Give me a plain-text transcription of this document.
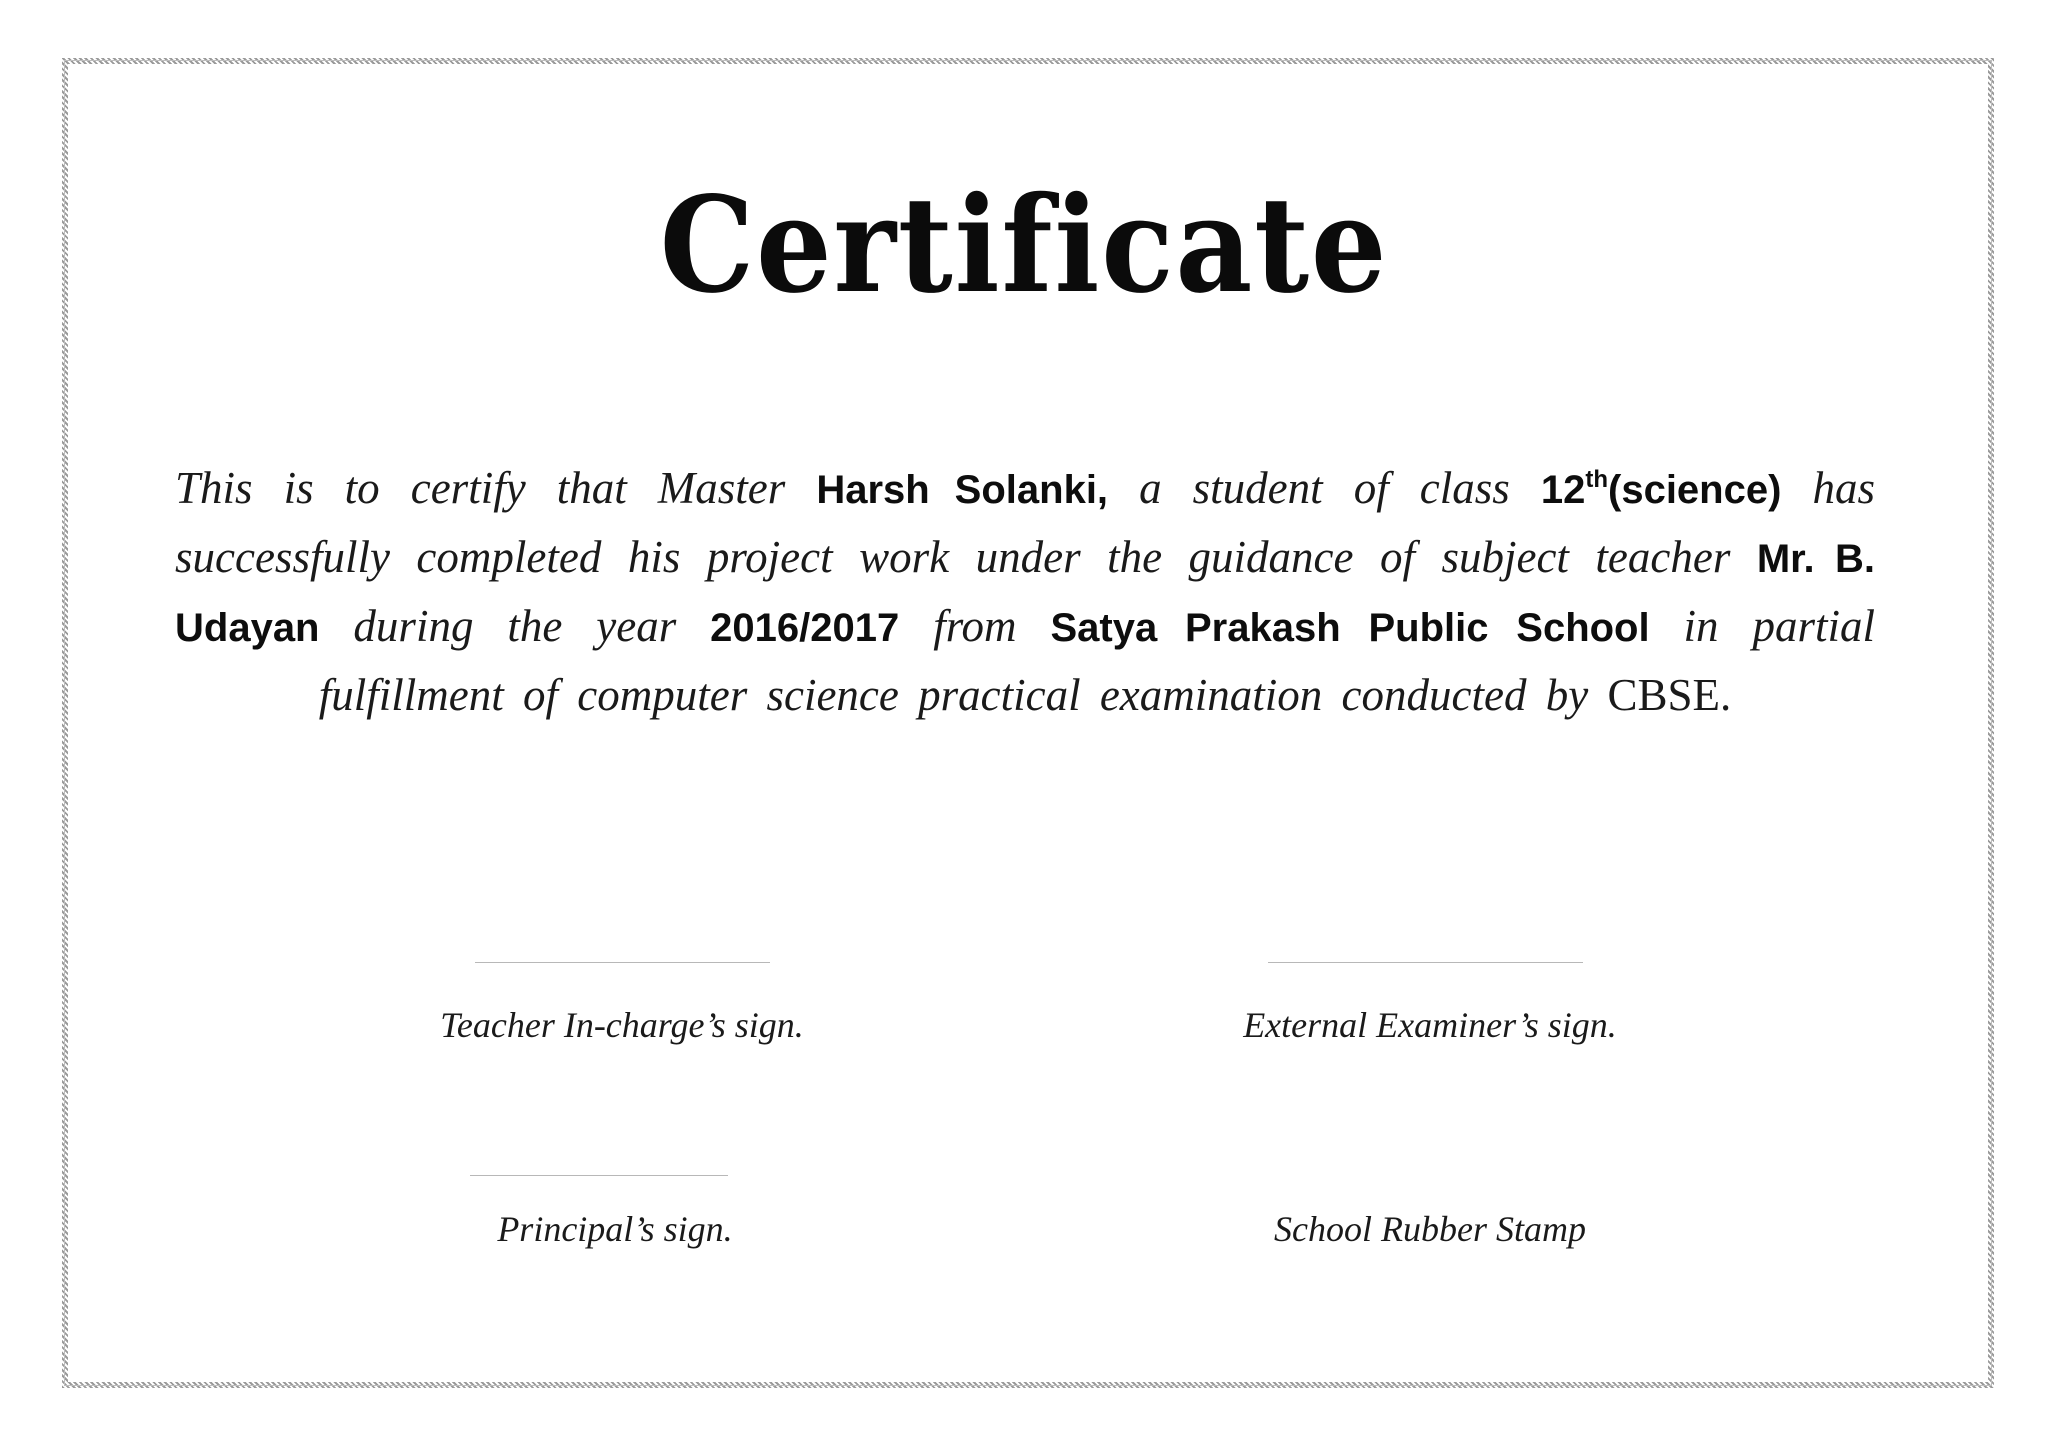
Certificate
This is to certify that Master Harsh Solanki, a student of class 12th(science) has successfully completed his project work under the guidance of subject teacher Mr. B. Udayan during the year 2016/2017 from Satya Prakash Public School in partial fulfillment of computer science practical examination conducted by CBSE.
Teacher In-charge’s sign.	External Examiner’s sign.
Principal’s sign.	School Rubber Stamp
